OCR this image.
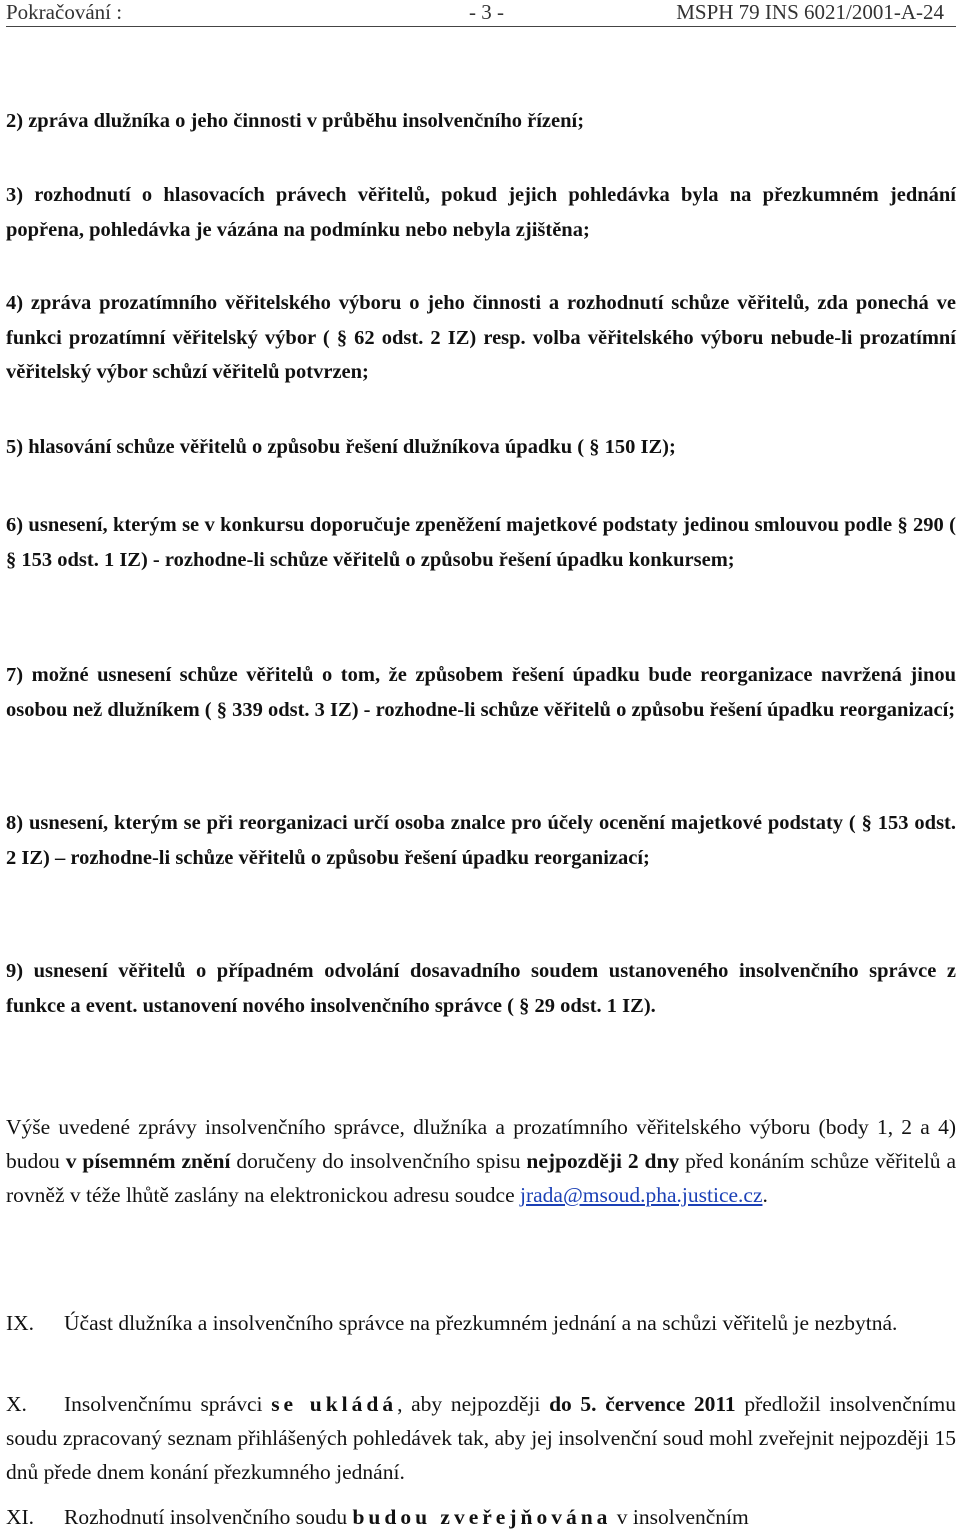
Pokračování :	- 3 -	MSPH 79 INS 6021/2001-A-24

2) zpráva dlužníka o jeho činnosti v průběhu insolvenčního řízení;

3) rozhodnutí o hlasovacích právech věřitelů, pokud jejich pohledávka byla na přezkumném jednání popřena, pohledávka je vázána na podmínku nebo nebyla zjištěna;

4) zpráva prozatímního věřitelského výboru o jeho činnosti a rozhodnutí schůze věřitelů, zda ponechá ve funkci prozatímní věřitelský výbor ( § 62 odst. 2 IZ) resp. volba věřitelského výboru nebude-li prozatímní věřitelský výbor schůzí věřitelů potvrzen;

5) hlasování schůze věřitelů o způsobu řešení dlužníkova úpadku ( § 150 IZ);

6) usnesení, kterým se v konkursu doporučuje zpeněžení majetkové podstaty jedinou smlouvou podle § 290 ( § 153 odst. 1 IZ) - rozhodne-li schůze věřitelů o způsobu řešení úpadku konkursem;

7) možné usnesení schůze věřitelů o tom, že způsobem řešení úpadku bude reorganizace navržená jinou osobou než dlužníkem ( § 339 odst. 3 IZ) - rozhodne-li schůze věřitelů o způsobu řešení úpadku reorganizací;

8) usnesení, kterým se při reorganizaci určí osoba znalce pro účely ocenění majetkové podstaty ( § 153 odst. 2 IZ) – rozhodne-li schůze věřitelů o způsobu řešení úpadku reorganizací;

9) usnesení věřitelů o případném odvolání dosavadního soudem ustanoveného insolvenčního správce z funkce a event. ustanovení nového insolvenčního správce ( § 29 odst. 1 IZ).

Výše uvedené zprávy insolvenčního správce, dlužníka a prozatímního věřitelského výboru (body 1, 2 a 4) budou v písemném znění doručeny do insolvenčního spisu nejpozději 2 dny před konáním schůze věřitelů a rovněž v téže lhůtě zaslány na elektronickou adresu soudce jrada@msoud.pha.justice.cz.

IX. Účast dlužníka a insolvenčního správce na přezkumném jednání a na schůzi věřitelů je nezbytná.

X. Insolvenčnímu správci se ukládá, aby nejpozději do 5. července 2011 předložil insolvenčnímu soudu zpracovaný seznam přihlášených pohledávek tak, aby jej insolvenční soud mohl zveřejnit nejpozději 15 dnů přede dnem konání přezkumného jednání.

XI. Rozhodnutí insolvenčního soudu budou zveřejňována v insolvenčním
